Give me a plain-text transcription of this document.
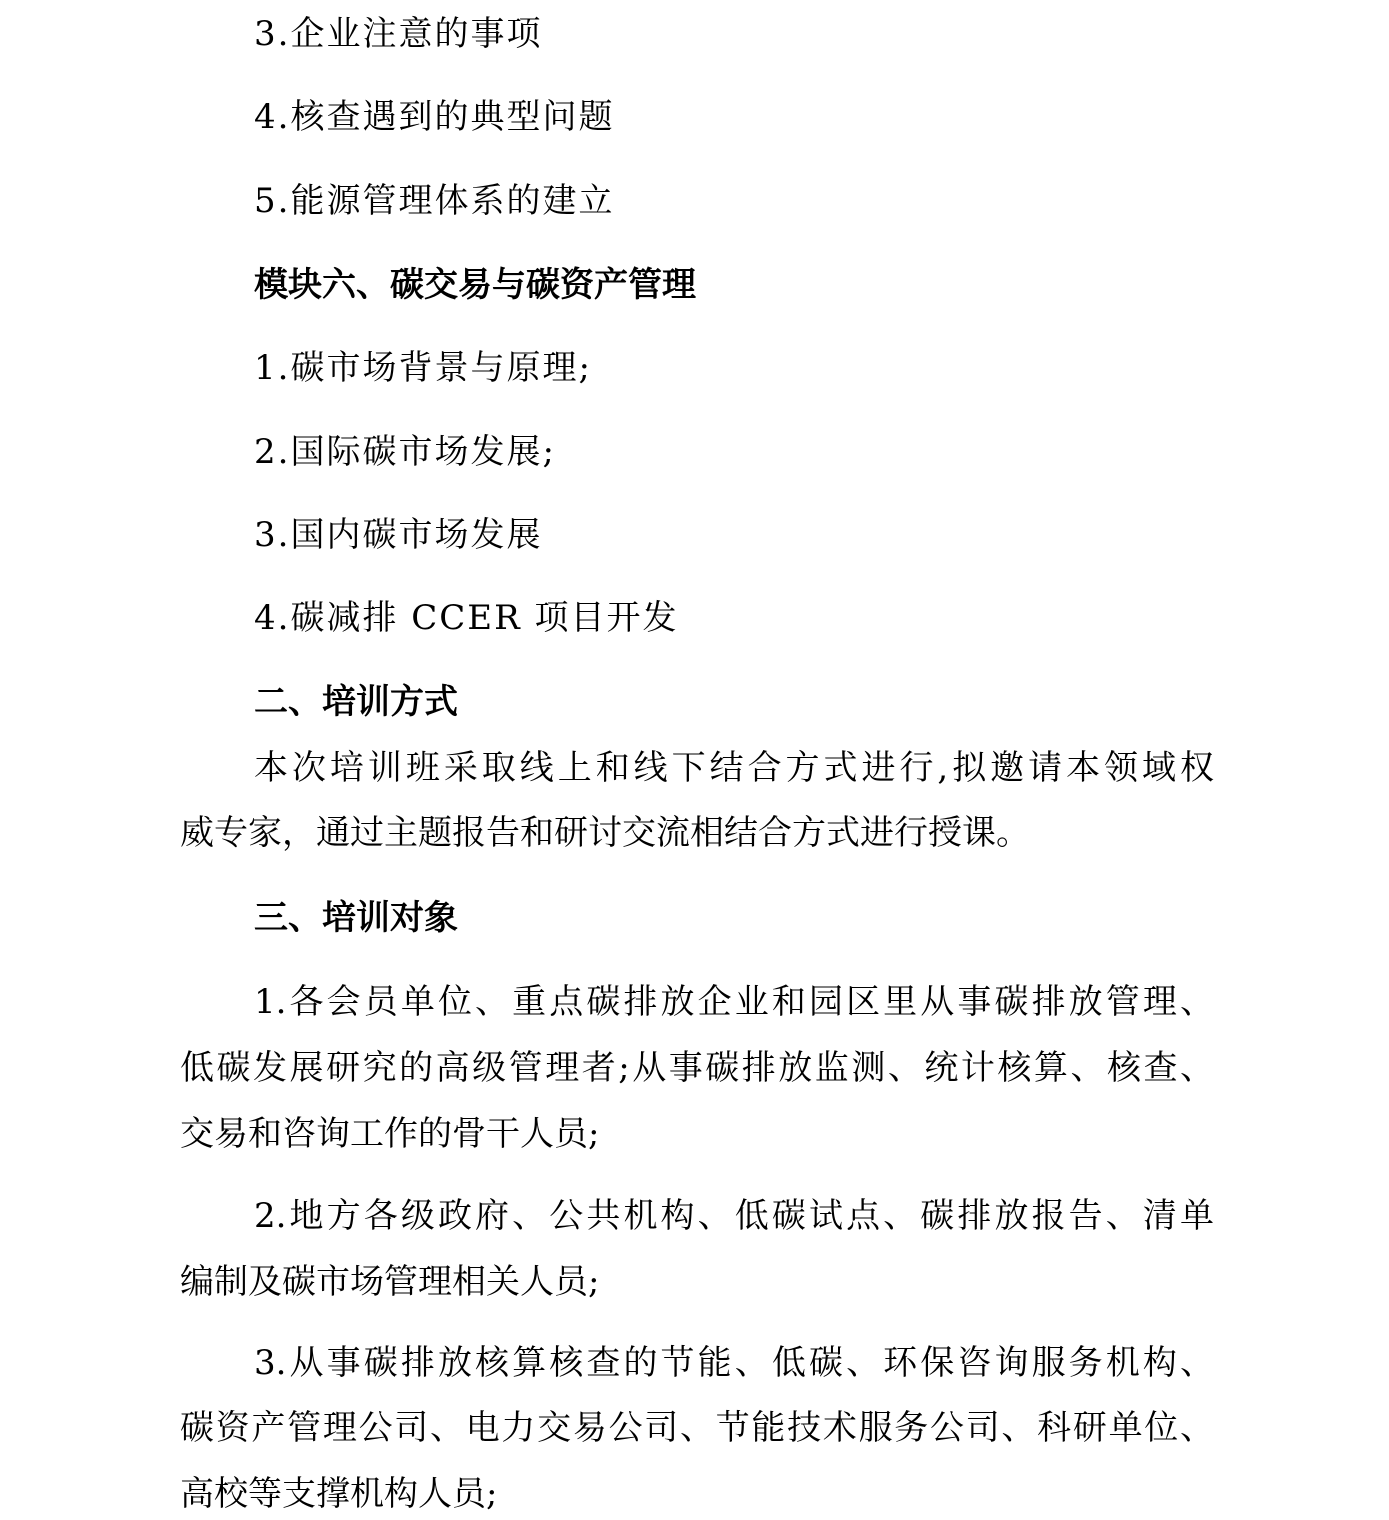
3.企业注意的事项
4.核查遇到的典型问题
5.能源管理体系的建立
模块六、碳交易与碳资产管理
1.碳市场背景与原理;
2.国际碳市场发展;
3.国内碳市场发展
4.碳减排 CCER 项目开发
二、培训方式
本次培训班采取线上和线下结合方式进行,拟邀请本领域权
威专家，通过主题报告和研讨交流相结合方式进行授课。
三、培训对象
1.各会员单位、重点碳排放企业和园区里从事碳排放管理、
低碳发展研究的高级管理者;从事碳排放监测、统计核算、核查、
交易和咨询工作的骨干人员;
2.地方各级政府、公共机构、低碳试点、碳排放报告、清单
编制及碳市场管理相关人员;
3.从事碳排放核算核查的节能、低碳、环保咨询服务机构、
碳资产管理公司、电力交易公司、节能技术服务公司、科研单位、
高校等支撑机构人员;
